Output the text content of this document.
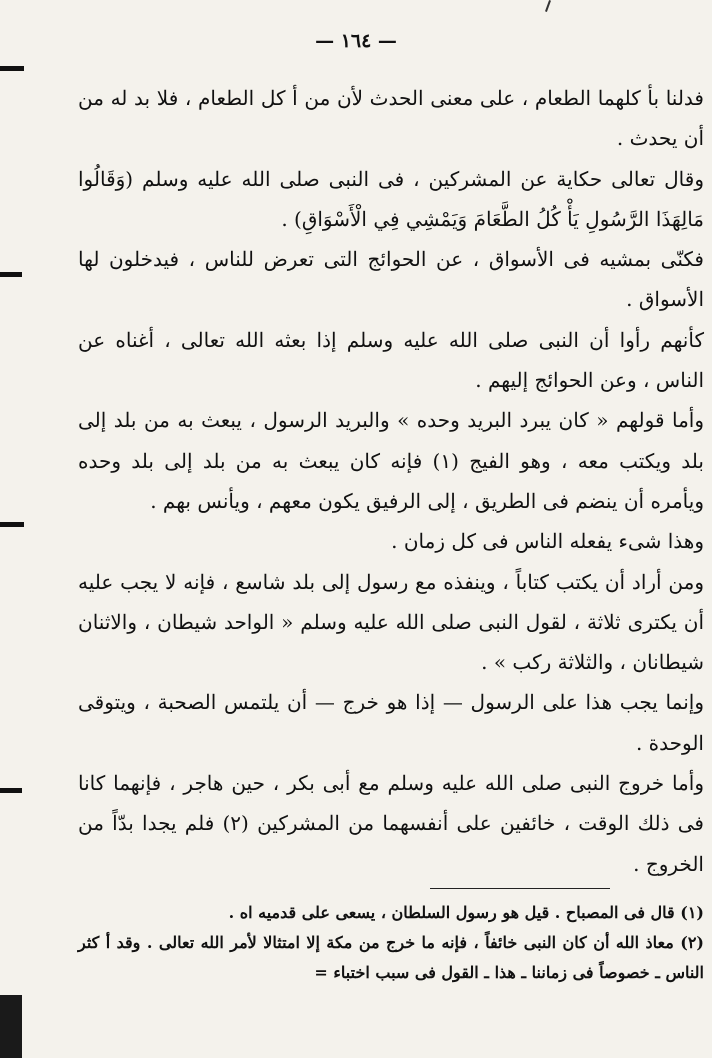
— ١٦٤ —

فدلنا بأ كلهما الطعام ، على معنى الحدث لأن من أ كل الطعام ، فلا بد له من أن يحدث .

وقال تعالى حكاية عن المشركين ، فى النبى صلى الله عليه وسلم (وَقَالُوا مَالِهَذَا الرَّسُولِ يَأْ كُلُ الطَّعَامَ وَيَمْشِي فِي الْأَسْوَاقِ) .

فكنّى بمشيه فى الأسواق ، عن الحوائج التى تعرض للناس ، فيدخلون لها الأسواق .

كأنهم رأوا أن النبى صلى الله عليه وسلم إذا بعثه الله تعالى ، أغناه عن الناس ، وعن الحوائج إليهم .

وأما قولهم « كان يبرد البريد وحده » والبريد الرسول ، يبعث به من بلد إلى بلد ويكتب معه ، وهو الفيج (١) فإنه كان يبعث به من بلد إلى بلد وحده ويأمره أن ينضم فى الطريق ، إلى الرفيق يكون معهم ، ويأنس بهم .

وهذا شىء يفعله الناس فى كل زمان .

ومن أراد أن يكتب كتاباً ، وينفذه مع رسول إلى بلد شاسع ، فإنه لا يجب عليه أن يكترى ثلاثة ، لقول النبى صلى الله عليه وسلم « الواحد شيطان ، والاثنان شيطانان ، والثلاثة ركب » .

وإنما يجب هذا على الرسول — إذا هو خرج — أن يلتمس الصحبة ، ويتوقى الوحدة .

وأما خروج النبى صلى الله عليه وسلم مع أبى بكر ، حين هاجر ، فإنهما كانا فى ذلك الوقت ، خائفين على أنفسهما من المشركين (٢) فلم يجدا بدّاً من الخروج .

(١) قال فى المصباح . قيل هو رسول السلطان ، يسعى على قدميه اه .

(٢) معاذ الله أن كان النبى خائفاً ، فإنه ما خرج من مكة إلا امتثالا لأمر الله تعالى . وقد أ كثر الناس ـ خصوصاً فى زماننا ـ هذا ـ القول فى سبب اختباء =
